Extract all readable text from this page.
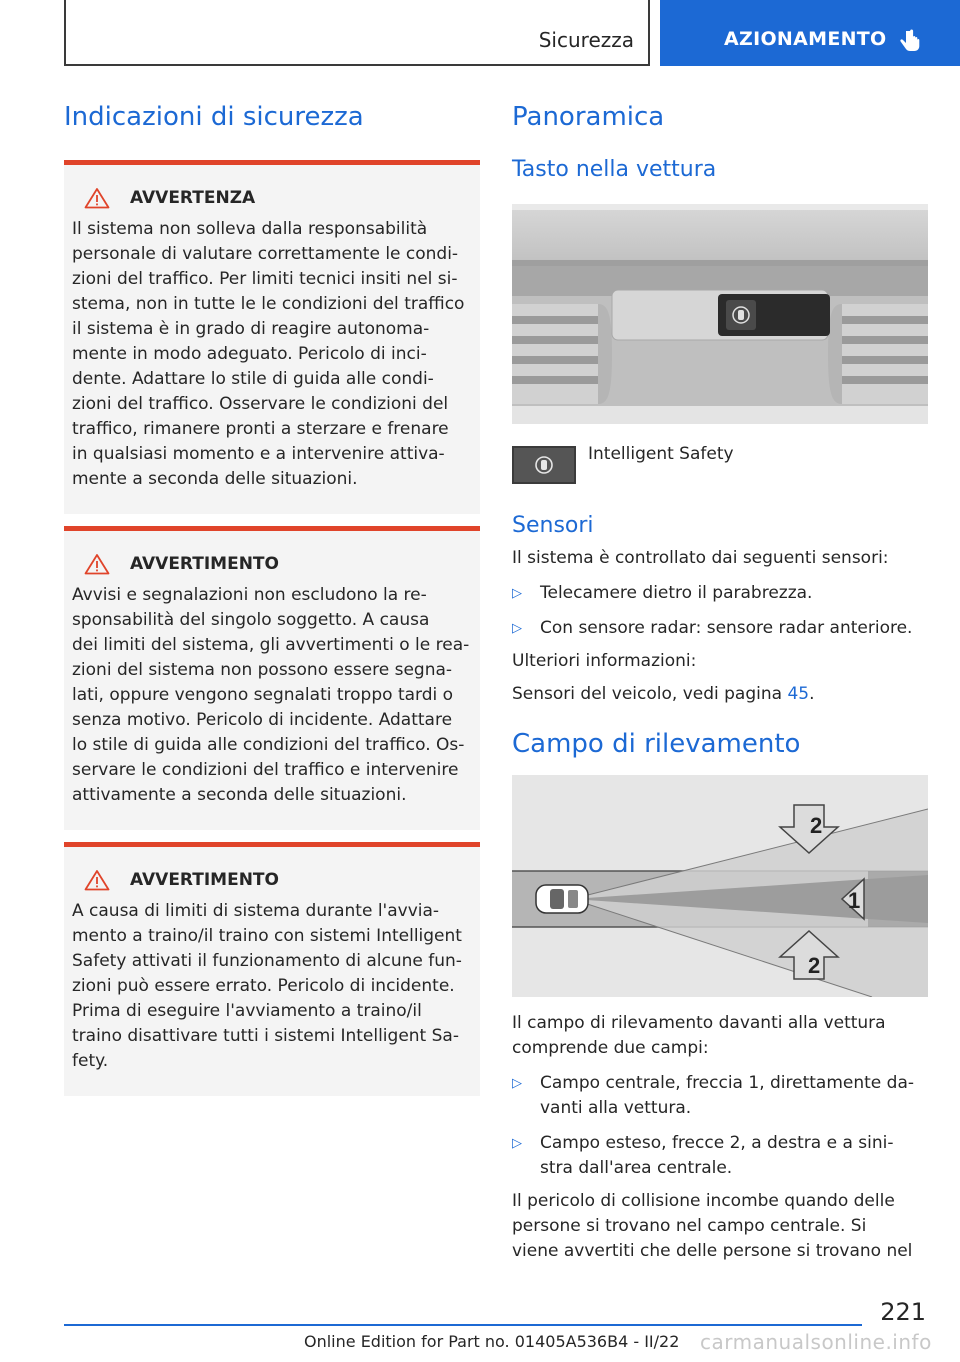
Sicurezza	AZIONAMENTO
Indicazioni di sicurezza
AVVERTENZA
Il sistema non solleva dalla responsabilità
personale di valutare correttamente le condi-
zioni del traffico. Per limiti tecnici insiti nel si-
stema, non in tutte le le condizioni del traffico
il sistema è in grado di reagire autonoma-
mente in modo adeguato. Pericolo di inci-
dente. Adattare lo stile di guida alle condi-
zioni del traffico. Osservare le condizioni del
traffico, rimanere pronti a sterzare e frenare
in qualsiasi momento e a intervenire attiva-
mente a seconda delle situazioni.
AVVERTIMENTO
Avvisi e segnalazioni non escludono la re-
sponsabilità del singolo soggetto. A causa
dei limiti del sistema, gli avvertimenti o le rea-
zioni del sistema non possono essere segna-
lati, oppure vengono segnalati troppo tardi o
senza motivo. Pericolo di incidente. Adattare
lo stile di guida alle condizioni del traffico. Os-
servare le condizioni del traffico e intervenire
attivamente a seconda delle situazioni.
AVVERTIMENTO
A causa di limiti di sistema durante l'avvia-
mento a traino/il traino con sistemi Intelligent
Safety attivati il funzionamento di alcune fun-
zioni può essere errato. Pericolo di incidente.
Prima di eseguire l'avviamento a traino/il
traino disattivare tutti i sistemi Intelligent Sa-
fety.
Panoramica
Tasto nella vettura
Intelligent Safety
Sensori

Il sistema è controllato dai seguenti sensori:

▷	Telecamere dietro il parabrezza.
▷	Con sensore radar: sensore radar anteriore.

Ulteriori informazioni:

Sensori del veicolo, vedi pagina 45.

Campo di rilevamento
2
1
2
Il campo di rilevamento davanti alla vettura
comprende due campi:
▷	Campo centrale, freccia 1, direttamente da-
vanti alla vettura.
▷	Campo esteso, frecce 2, a destra e a sini-
stra dall'area centrale.
Il pericolo di collisione incombe quando delle
persone si trovano nel campo centrale. Si
viene avvertiti che delle persone si trovano nel
221
Online Edition for Part no. 01405A536B4 - II/22 carmanualsonline.info
